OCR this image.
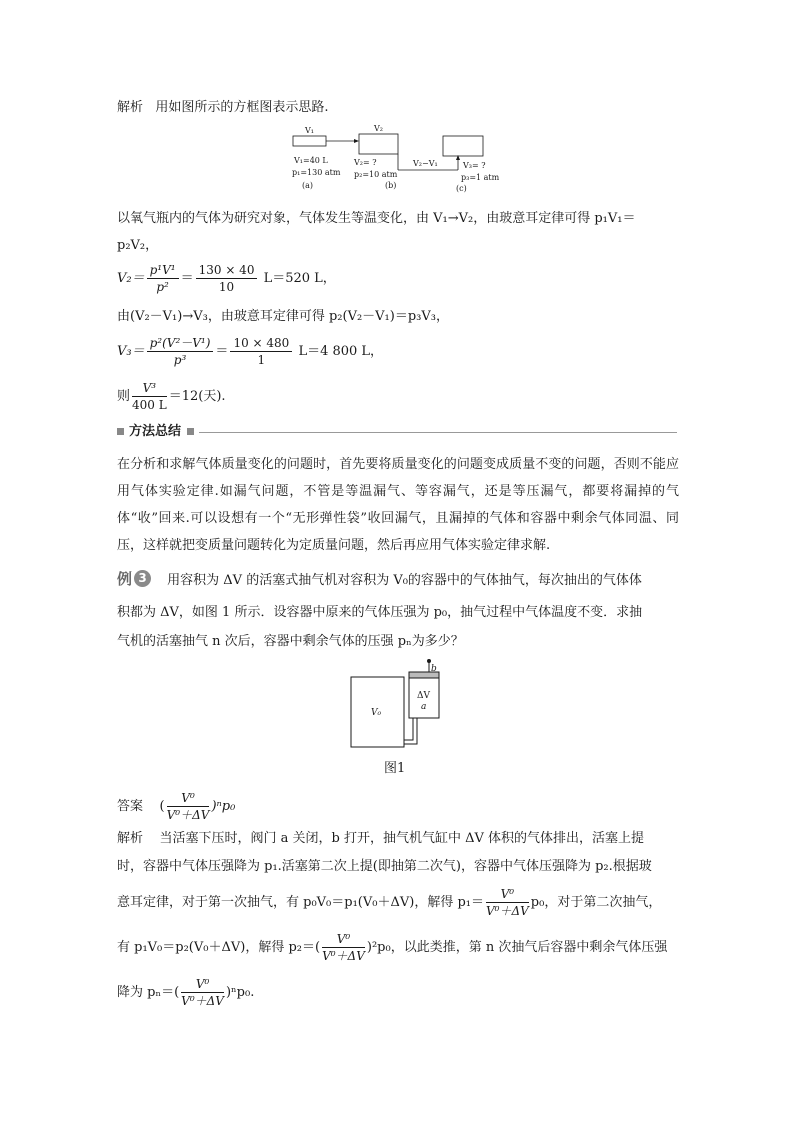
解析 用如图所示的方框图表示思路.
V₁
V₁=40 L
p₁=130 atm
(a)
V₂
V₂= ?
p₂=10 atm
(b)
V₂−V₁	V₃= ?
p₃=1 atm
(c)
以氧气瓶内的气体为研究对象，气体发生等温变化，由 V₁→V₂，由玻意耳定律可得 p₁V₁＝
p₂V₂，
$V_2= \frac{\text{p¹V¹}}{\text{p²}} = \frac{130 \times 40}{10} L=520$ L，
由(V₂－V₁)→V₃，由玻意耳定律可得 p₂(V₂－V₁)＝p₃V₃，
$V_3= \frac{\text{p²(V²－V¹)}}{\text{p³}} = \frac{10 \times 480}{1} L=4$ 800 L，
则 $\frac{\text{V³}}{400 L} =12$(天).
方法总结
在分析和求解气体质量变化的问题时，首先要将质量变化的问题变成质量不变的问题，否则不能应用气体实验定律.如漏气问题，不管是等温漏气、等容漏气，还是等压漏气，都要将漏掉的气体“收”回来.可以设想有一个“无形弹性袋”收回漏气，且漏掉的气体和容器中剩余气体同温、同压，这样就把变质量问题转化为定质量问题，然后再应用气体实验定律求解.
例 3 用容积为 ΔV 的活塞式抽气机对容积为 V₀的容器中的气体抽气，每次抽出的气体体
积都为 ΔV，如图 1 所示．设容器中原来的气体压强为 p₀，抽气过程中气体温度不变．求抽
气机的活塞抽气 n 次后，容器中剩余气体的压强 pₙ为多少？
V₀
ΔV
a
b
图1
答案 ( $\frac{\text{V⁰}}{\text{V⁰＋ΔV}} )^np_0$
解析 当活塞下压时，阀门 a 关闭，b 打开，抽气机气缸中 ΔV 体积的气体排出，活塞上提
时，容器中气体压强降为 p₁.活塞第二次上提(即抽第二次气)，容器中气体压强降为 p₂.根据玻
意耳定律，对于第一次抽气，有 p₀V₀＝p₁(V₀＋ΔV)，解得 $p_1= \frac{\text{V⁰}}{\text{V⁰＋ΔV}} p_0$，对于第二次抽气，
有 p₁V₀＝p₂(V₀＋ΔV)，解得 $p_2=( \frac{\text{V⁰}}{\text{V⁰＋ΔV}} )^2p_0$，以此类推，第 n 次抽气后容器中剩余气体压强
降为 $p_n=( \frac{\text{V⁰}}{\text{V⁰＋ΔV}} )^np_0$.
